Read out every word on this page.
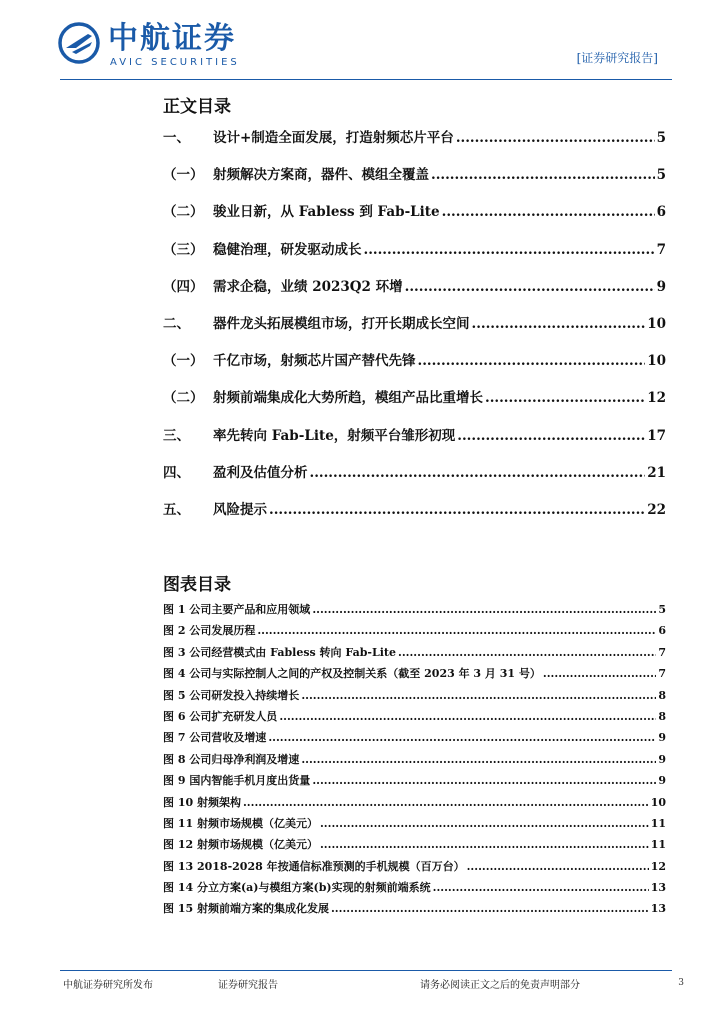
中航证券
AVIC SECURITIES	[证券研究报告]
正文目录
一、	设计+制造全面发展，打造射频芯片平台 .....	5
（一） 射频解决方案商，器件、模组全覆盖 .....	5
（二） 骏业日新，从 Fabless 到 Fab-Lite .....	6
（三） 稳健治理，研发驱动成长 .....	7
（四） 需求企稳，业绩 2023Q2 环增 .....	9
二、	器件龙头拓展模组市场，打开长期成长空间 .....	10
（一） 千亿市场，射频芯片国产替代先锋 .....	10
（二） 射频前端集成化大势所趋，模组产品比重增长 .....	12
三、	率先转向 Fab-Lite，射频平台雏形初现 .....	17
四、	盈利及估值分析 .....	21
五、	风险提示 .....	22
图表目录
图 1 公司主要产品和应用领域 .....	5
图 2 公司发展历程 .....	6
图 3 公司经营模式由 Fabless 转向 Fab-Lite .....	7
图 4 公司与实际控制人之间的产权及控制关系（截至 2023 年 3 月 31 号） .....	7
图 5 公司研发投入持续增长 .....	8
图 6 公司扩充研发人员 .....	8
图 7 公司营收及增速 .....	9
图 8 公司归母净利润及增速 .....	9
图 9 国内智能手机月度出货量 .....	9
图 10 射频架构 .....	10
图 11 射频市场规模（亿美元） .....	11
图 12 射频市场规模（亿美元） .....	11
图 13 2018-2028 年按通信标准预测的手机规模（百万台） .....	12
图 14 分立方案(a)与模组方案(b)实现的射频前端系统 .....	13
图 15 射频前端方案的集成化发展 .....	13
中航证券研究所发布	证券研究报告	请务必阅读正文之后的免责声明部分	3
